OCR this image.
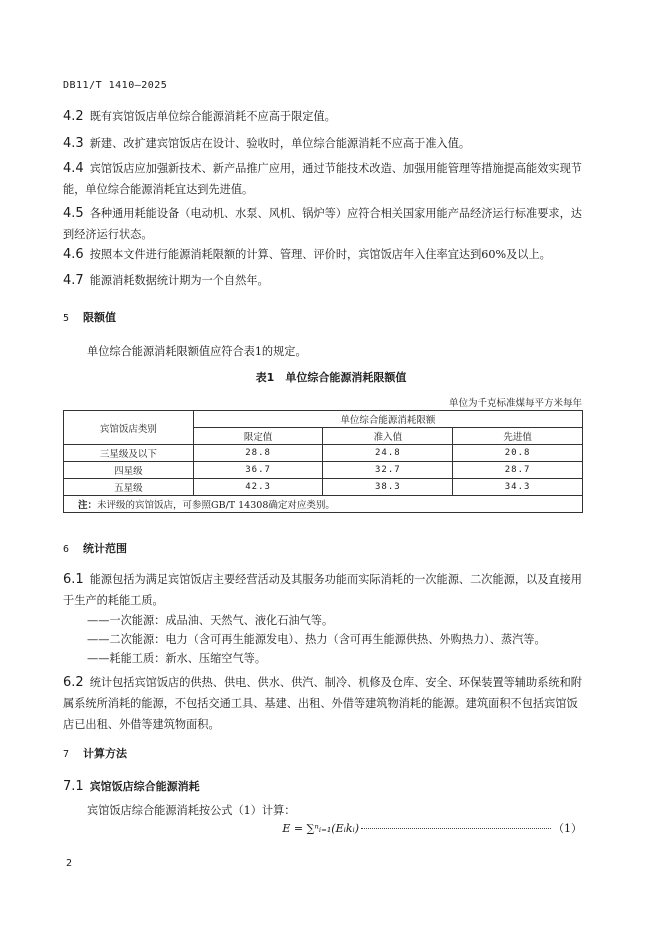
DB11/T 1410—2025

4.2 既有宾馆饭店单位综合能源消耗不应高于限定值。

4.3 新建、改扩建宾馆饭店在设计、验收时，单位综合能源消耗不应高于准入值。

4.4 宾馆饭店应加强新技术、新产品推广应用，通过节能技术改造、加强用能管理等措施提高能效实现节能，单位综合能源消耗宜达到先进值。

4.5 各种通用耗能设备（电动机、水泵、风机、锅炉等）应符合相关国家用能产品经济运行标准要求，达到经济运行状态。

4.6 按照本文件进行能源消耗限额的计算、管理、评价时，宾馆饭店年入住率宜达到60%及以上。

4.7 能源消耗数据统计期为一个自然年。

5 限额值
单位综合能源消耗限额值应符合表1的规定。
表1　单位综合能源消耗限额值
单位为千克标准煤每平方米每年
宾馆饭店类别	单位综合能源消耗限额		
	限定值	准入值	先进值
三星级及以下	28.8	24.8	20.8
四星级	36.7	32.7	28.7
五星级	42.3	38.3	34.3
注：未评级的宾馆饭店，可参照GB/T 14308确定对应类别。			
6 统计范围

6.1 能源包括为满足宾馆饭店主要经营活动及其服务功能而实际消耗的一次能源、二次能源，以及直接用于生产的耗能工质。

——一次能源：成品油、天然气、液化石油气等。
——二次能源：电力（含可再生能源发电）、热力（含可再生能源供热、外购热力）、蒸汽等。
——耗能工质：新水、压缩空气等。

6.2 统计包括宾馆饭店的供热、供电、供水、供汽、制冷、机修及仓库、安全、环保装置等辅助系统和附属系统所消耗的能源，不包括交通工具、基建、出租、外借等建筑物消耗的能源。建筑面积不包括宾馆饭店已出租、外借等建筑物面积。

7 计算方法
7.1 宾馆饭店综合能源消耗
宾馆饭店综合能源消耗按公式（1）计算：
E = ∑ⁿᵢ₌₁(Eᵢkᵢ)	（1）
2
